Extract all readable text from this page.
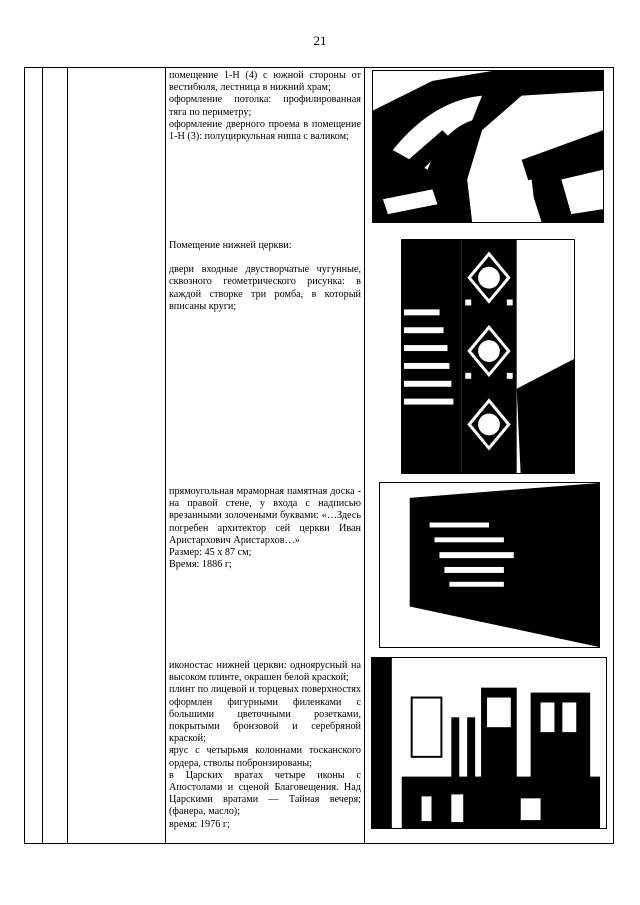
21

помещение 1-Н (4) с южной стороны от вестибюля, лестница в нижний храм;

оформление потолка: профилированная тяга по периметру;

оформление дверного проема в помещение 1-Н (3): полуциркульная ниша с валиком;

Помещение нижней церкви:

двери входные двустворчатые чугунные, сквозного геометрического рисунка: в каждой створке три ромба, в который вписаны круги;

прямоугольная мраморная памятная доска - на правой стене, у входа с надписью врезанными золочеными буквами: «…Здесь погребен архитектор сей церкви Иван Аристархович Аристархов…»

Размер: 45 х 87 см;

Время: 1886 г;

иконостас нижней церкви: одноярусный на высоком плинте, окрашен белой краской;

плинт по лицевой и торцевых поверхностях оформлен фигурными филенками с большими цветочными розетками, покрытыми бронзовой и серебряной краской;

ярус с четырьмя колоннами тосканского ордера, стволы побронзированы;

в Царских вратах четыре иконы с Апостолами и сценой Благовещения. Над Царскими вратами — Тайная вечеря; (фанера, масло);

время: 1976 г;
